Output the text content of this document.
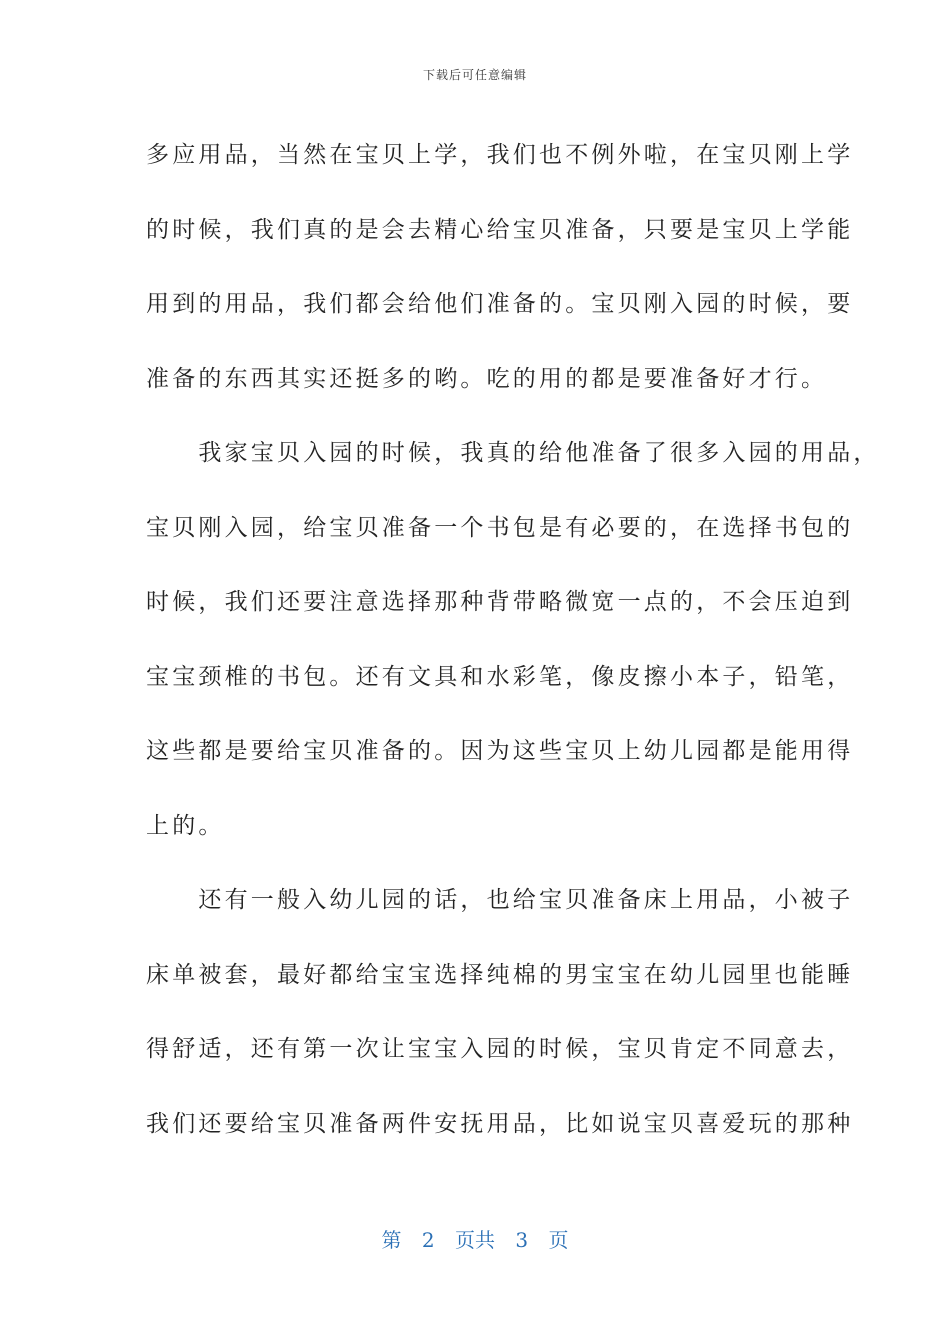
下载后可任意编辑
多应用品，当然在宝贝上学，我们也不例外啦，在宝贝刚上学
的时候，我们真的是会去精心给宝贝准备，只要是宝贝上学能
用到的用品，我们都会给他们准备的。宝贝刚入园的时候，要
准备的东西其实还挺多的哟。吃的用的都是要准备好才行。
　　我家宝贝入园的时候，我真的给他准备了很多入园的用品，
宝贝刚入园，给宝贝准备一个书包是有必要的，在选择书包的
时候，我们还要注意选择那种背带略微宽一点的，不会压迫到
宝宝颈椎的书包。还有文具和水彩笔，像皮擦小本子，铅笔，
这些都是要给宝贝准备的。因为这些宝贝上幼儿园都是能用得
上的。
　　还有一般入幼儿园的话，也给宝贝准备床上用品，小被子
床单被套，最好都给宝宝选择纯棉的男宝宝在幼儿园里也能睡
得舒适，还有第一次让宝宝入园的时候，宝贝肯定不同意去，
我们还要给宝贝准备两件安抚用品，比如说宝贝喜爱玩的那种
第 2 页共 3 页
